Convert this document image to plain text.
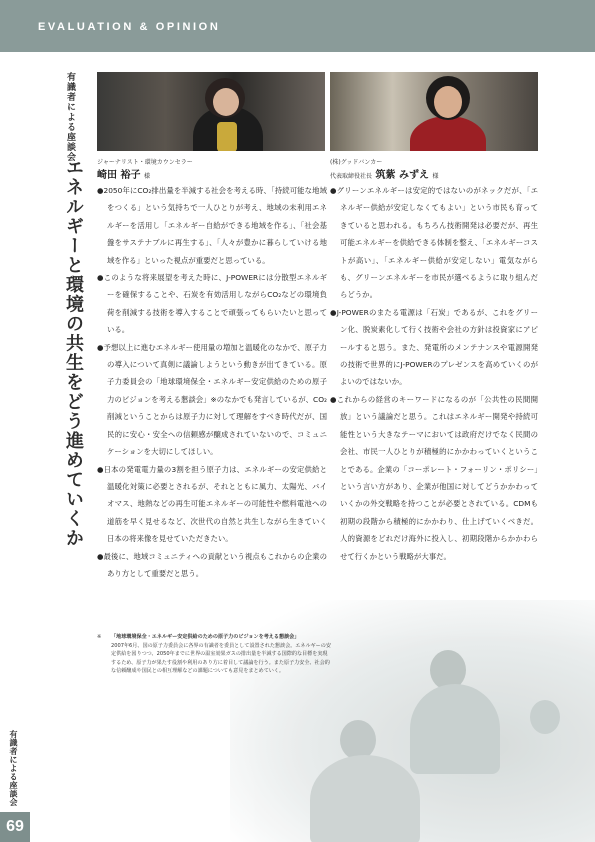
EVALUATION & OPINION
有識者による座談会
エネルギーと環境の共生をどう進めていくか	ジャーナリスト・環境カウンセラー
崎田 裕子 様
(株)グッドバンカー
代表取締役社長 筑紫 みずえ 様

●2050年にCO₂排出量を半減する社会を考える時、「持続可能な地域をつくる」という気持ちで一人ひとりが考え、地域の未利用エネルギーを活用し「エネルギー自給ができる地域を作る」、「社会基盤をサステナブルに再生する」、「人々が豊かに暮らしていける地域を作る」といった視点が重要だと思っている。

●このような将来展望を考えた時に、J-POWERには分散型エネルギーを確保することや、石炭を有効活用しながらCO₂などの環境負荷を削減する技術を導入することで頑張ってもらいたいと思っている。

●予想以上に進むエネルギー使用量の増加と温暖化のなかで、原子力の導入について真剣に議論しようという動きが出てきている。原子力委員会の「地球環境保全・エネルギー安定供給のための原子力のビジョンを考える懇談会」※のなかでも発言しているが、CO₂削減ということからは原子力に対して理解をすべき時代だが、国民的に安心・安全への信頼感が醸成されていないので、コミュニケーションを大切にしてほしい。

●日本の発電電力量の3割を担う原子力は、エネルギーの安定供給と温暖化対策に必要とされるが、それとともに風力、太陽光、バイオマス、地熱などの再生可能エネルギーの可能性や燃料電池への道筋を早く見せるなど、次世代の自然と共生しながら生きていく日本の将来像を見せていただきたい。

●最後に、地域コミュニティへの貢献という視点もこれからの企業のあり方として重要だと思う。

●グリーンエネルギーは安定的ではないのがネックだが、「エネルギー供給が安定しなくてもよい」という市民も育ってきていると思われる。もちろん技術開発は必要だが、再生可能エネルギーを供給できる体制を整え、「エネルギーコストが高い」、「エネルギー供給が安定しない」電気ながらも、グリーンエネルギーを市民が選べるように取り組んだらどうか。

●J-POWERのまたる電源は「石炭」であるが、これをグリーン化、脱炭素化して行く技術や会社の方針は投資家にアピールすると思う。また、発電所のメンテナンスや電源開発の技術で世界的にJ-POWERのプレゼンスを高めていくのがよいのではないか。

●これからの経営のキーワードになるのが「公共性の民間開放」という議論だと思う。これはエネルギー開発や持続可能性という大きなテーマにおいては政府だけでなく民間の会社、市民一人ひとりが積極的にかかわっていくということである。企業の「コーポレート・フォーリン・ポリシー」という言い方があり、企業が他国に対してどうかかわっていくかの外交戦略を持つことが必要とされている。CDMも初期の段階から積極的にかかわり、仕上げていくべきだ。人的資源をどれだけ海外に投入し、初期段階からかかわらせて行くかという戦略が大事だ。

※	「地球環境保全・エネルギー安定供給のための原子力のビジョンを考える懇談会」
2007年6月、国の原子力委員会に各界の有識者を委員として設置された懇談会。エネルギーの安定供給を図りつつ、2050年までに世界の温室効果ガスの排出量を半減する国際的な目標を実現するため、原子力が果たす役割や利用のあり方に着目して議論を行う。また原子力安全、社会的な信頼醸成や国民との相互理解などの課題についても意見をまとめていく。
有識者による座談会
69
